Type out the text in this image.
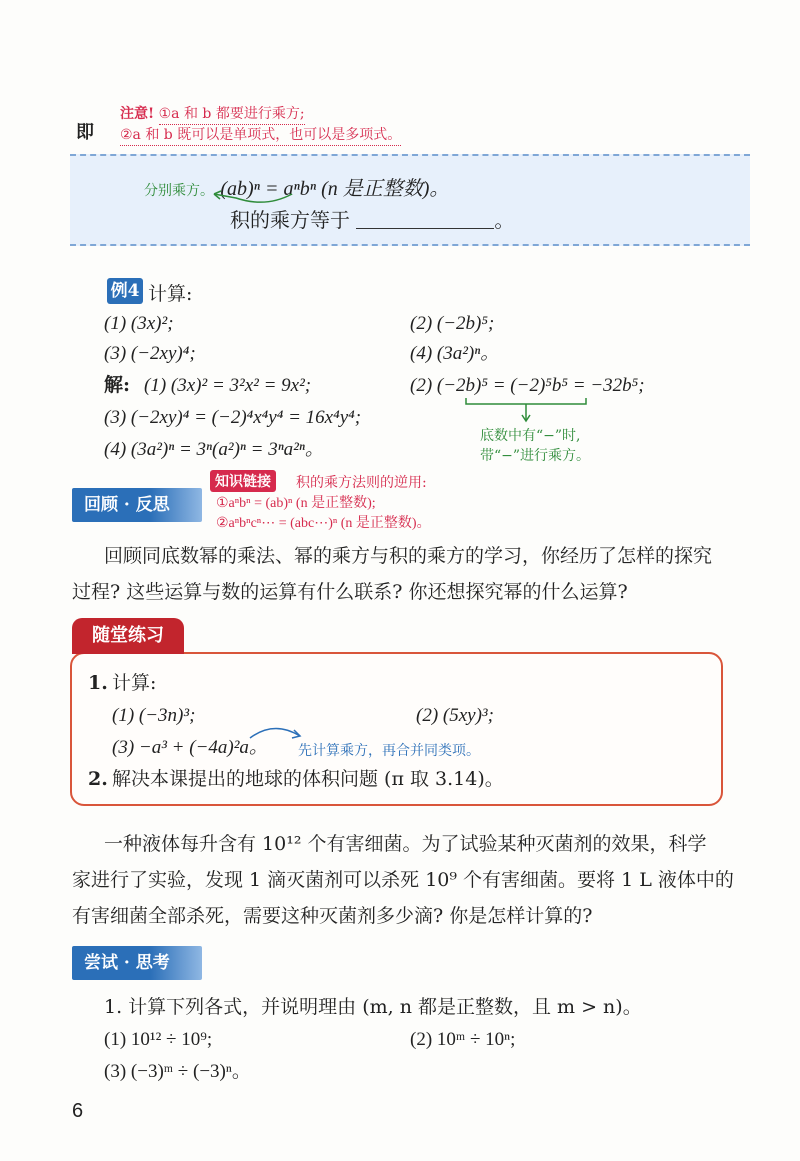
即
注意! ①a 和 b 都要进行乘方;
②a 和 b 既可以是单项式，也可以是多项式。
分别乘方。 (ab)ⁿ = aⁿbⁿ (n 是正整数)。
积的乘方等于	。
例4 计算:
(1) (3x)²;	(2) (−2b)⁵;
(3) (−2xy)⁴;	(4) (3a²)ⁿ。
解: (1) (3x)² = 3²x² = 9x²;	(2) (−2b)⁵ = (−2)⁵b⁵ = −32b⁵;
(3) (−2xy)⁴ = (−2)⁴x⁴y⁴ = 16x⁴y⁴;
(4) (3a²)ⁿ = 3ⁿ(a²)ⁿ = 3ⁿa²ⁿ。
底数中有“−”时,
带“−”进行乘方。
知识链接	积的乘方法则的逆用:
①aⁿbⁿ = (ab)ⁿ (n 是正整数);
②aⁿbⁿcⁿ⋯ = (abc⋯)ⁿ (n 是正整数)。
回顾 · 反思
回顾同底数幂的乘法、幂的乘方与积的乘方的学习，你经历了怎样的探究
过程? 这些运算与数的运算有什么联系? 你还想探究幂的什么运算?
随堂练习
1. 计算:
(1) (−3n)³;	(2) (5xy)³;
(3) −a³ + (−4a)²a。 先计算乘方，再合并同类项。
2. 解决本课提出的地球的体积问题 (π 取 3.14)。
一种液体每升含有 10¹² 个有害细菌。为了试验某种灭菌剂的效果，科学
家进行了实验，发现 1 滴灭菌剂可以杀死 10⁹ 个有害细菌。要将 1 L 液体中的
有害细菌全部杀死，需要这种灭菌剂多少滴? 你是怎样计算的?
尝试 · 思考
1. 计算下列各式，并说明理由 (m, n 都是正整数，且 m > n)。
(1) 10¹² ÷ 10⁹;	(2) 10ᵐ ÷ 10ⁿ;
(3) (−3)ᵐ ÷ (−3)ⁿ。
6
